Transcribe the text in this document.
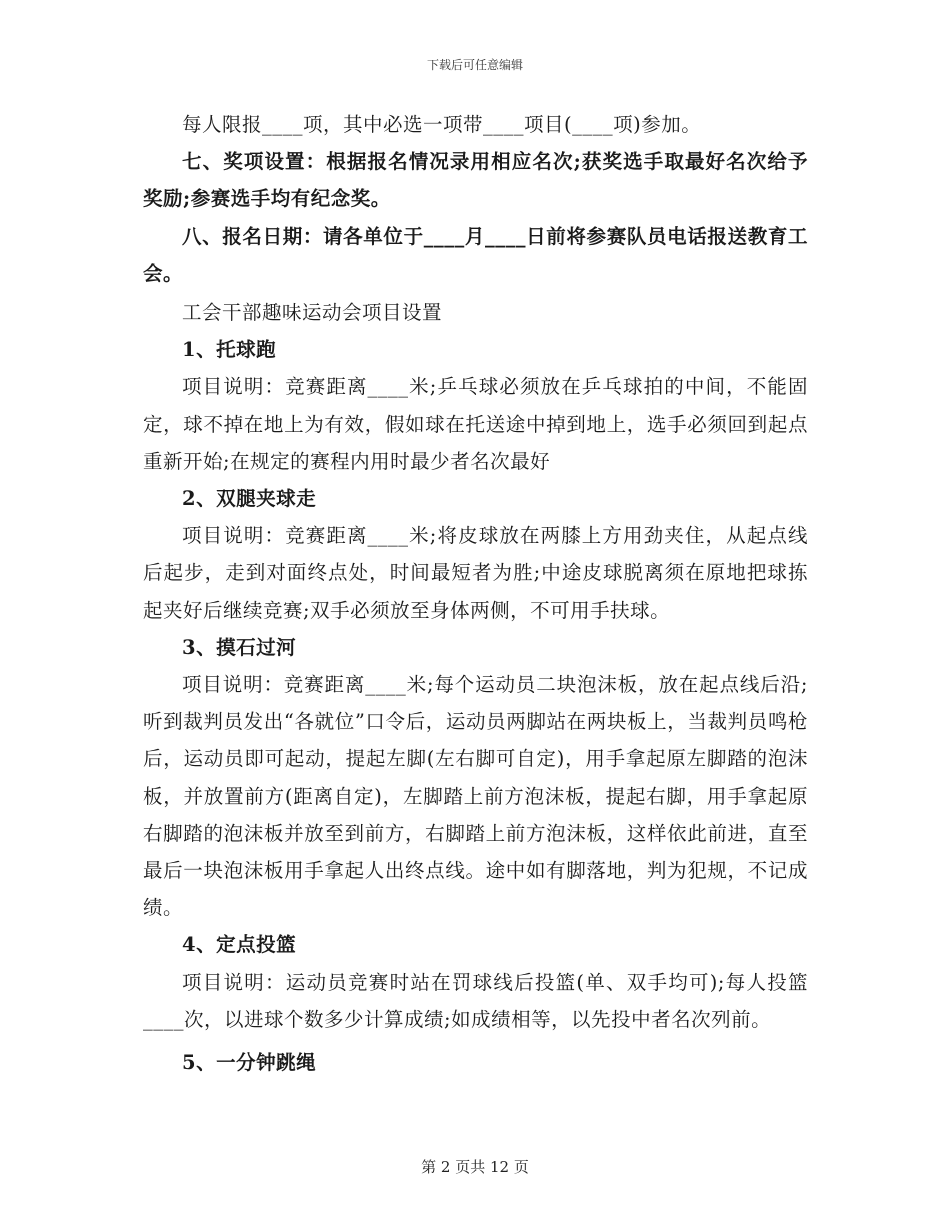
下载后可任意编辑

每人限报____项，其中必选一项带____项目(____项)参加。

七、奖项设置：根据报名情况录用相应名次;获奖选手取最好名次给予奖励;参赛选手均有纪念奖。

八、报名日期：请各单位于____月____日前将参赛队员电话报送教育工会。

工会干部趣味运动会项目设置

1、托球跑

项目说明：竞赛距离____米;乒乓球必须放在乒乓球拍的中间，不能固定，球不掉在地上为有效，假如球在托送途中掉到地上，选手必须回到起点重新开始;在规定的赛程内用时最少者名次最好

2、双腿夹球走

项目说明：竞赛距离____米;将皮球放在两膝上方用劲夹住，从起点线后起步，走到对面终点处，时间最短者为胜;中途皮球脱离须在原地把球拣起夹好后继续竞赛;双手必须放至身体两侧，不可用手扶球。

3、摸石过河

项目说明：竞赛距离____米;每个运动员二块泡沫板，放在起点线后沿;听到裁判员发出“各就位”口令后，运动员两脚站在两块板上，当裁判员鸣枪后，运动员即可起动，提起左脚(左右脚可自定)，用手拿起原左脚踏的泡沫板，并放置前方(距离自定)，左脚踏上前方泡沫板，提起右脚，用手拿起原右脚踏的泡沫板并放至到前方，右脚踏上前方泡沫板，这样依此前进，直至最后一块泡沫板用手拿起人出终点线。途中如有脚落地，判为犯规，不记成绩。

4、定点投篮

项目说明：运动员竞赛时站在罚球线后投篮(单、双手均可);每人投篮____次，以进球个数多少计算成绩;如成绩相等，以先投中者名次列前。

5、一分钟跳绳

第 2 页共 12 页
